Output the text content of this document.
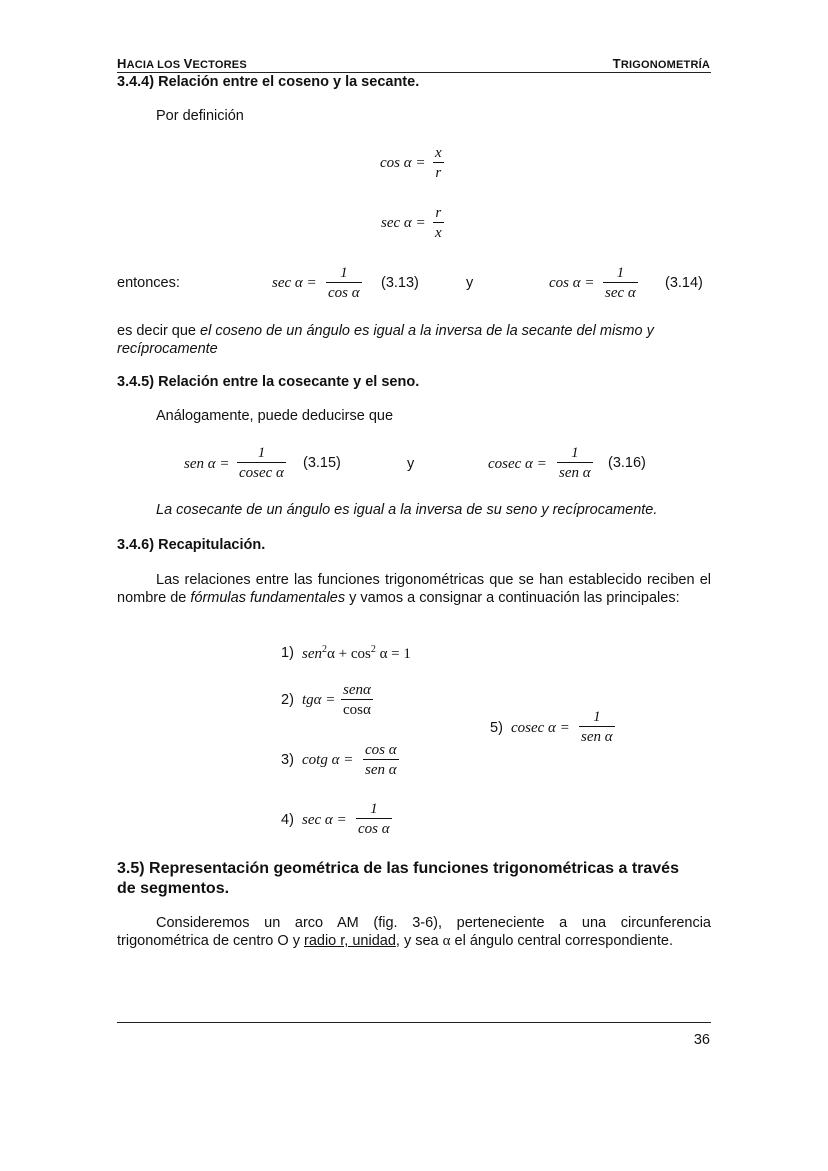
HACIA LOS VECTORES	TRIGONOMETRÍA
3.4.4) Relación entre el coseno y la secante.
Por definición
cos α =
x
r
sec α =
r
x
entonces:	sec α =
1
cos α
(3.13)	y	cos α =
1
sec α
(3.14)
es decir que el coseno de un ángulo es igual a la inversa de la secante del mismo y
recíprocamente
3.4.5) Relación entre la cosecante y el seno.
Análogamente, puede deducirse que
sen α =
1
cosec α
(3.15)	y	cosec α =
1
sen α
(3.16)
La cosecante de un ángulo es igual a la inversa de su seno y recíprocamente.
3.4.6) Recapitulación.
Las relaciones entre las funciones trigonométricas que se han establecido reciben el nombre de fórmulas fundamentales y vamos a consignar a continuación las principales:
1) $sen^2\alpha + \cos^2 \alpha = 1$
2) tgα =
senα
cosα
5) cosec α =
1
sen α
3) cotg α =
cos α
sen α
4) sec α =
1
cos α
3.5) Representación geométrica de las funciones trigonométricas a través
de segmentos.
Consideremos un arco AM (fig. 3-6), perteneciente a una circunferencia trigonométrica de centro O y radio r, unidad, y sea α el ángulo central correspondiente.
36
